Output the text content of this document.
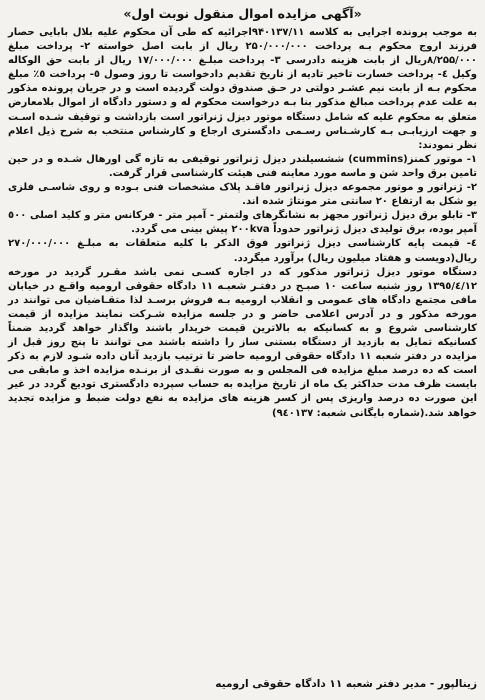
«آگهی مزایده اموال منقول نوبت اول»

به موجب پرونده اجرایی به کلاسه ۹۴۰۱۳۷/۱۱اجرائیه که طی آن محکوم علیه بلال بابایی حصار فرزند اروج محکوم بـه پرداخت ۲۵۰/۰۰۰/۰۰۰ ریال از بابت اصل خواسته ۲- پرداخت مبلغ ۸/۲۵۵/۰۰۰ریال از بابت هزینه دادرسی ۳- پرداخت مبلـغ ۱۷/۰۰۰/۰۰۰ ریال از بابت حق الوکاله وکیل ٤- پرداخت خسارت تاخیر تادیه از تاریخ تقدیم دادخواست تا روز وصول ٥- پرداخت ٥٪ مبلغ محکوم بـه از بابت نیم عشـر دولتی در حـق صندوق دولت گردیده است و در جریان پرونده مذکور به علت عدم پرداخت مبالغ مذکور بنا بـه درخواست محکوم له و دستور دادگاه از اموال بلامعارض متعلق به محکوم علیه که شامل دستگاه موتور دیزل ژنراتور است بازداشت و توقیف شـده اسـت و جهت ارزیابـی بـه کارشـناس رسـمی دادگستری ارجاع و کارشناس منتخب به شرح ذیل اعلام نظر نمودند:

۱- موتور کمنز(cummins) ششسیلندر دیزل ژنراتور توقیفی به تازه گی اورهال شـده و در حین تامین برق واحد شن و ماسه مورد معاینه فنی هیئت کارشناسی قرار گرفت.

۲- ژنراتور و موتور مجموعه دیزل ژنراتور فاقـد پلاک مشخصات فنی بـوده و روی شاسـی فلزی یو شکل به ارتفاع ۲۰ سانتی متر مونتاژ شده اند.

۳- تابلو برق دیزل ژنراتور مجهز به نشانگرهای ولتمتر - آمپر متر - فرکانس متر و کلید اصلی ٥٠٠ آمپر بوده، برق تولیدی دیزل ژنراتور حدوداً ۲۰۰kva پیش بینی می گردد.

٤- قیمت پایه کارشناسی دیزل ژنراتور فوق الذکر با کلیه متعلقات به مبلـغ ۲۷۰/۰۰۰/۰۰۰ ریال(دویست و هفتاد میلیون ریال) برآورد میگردد.

دستگاه موتور دیزل ژنراتور مذکور که در اجاره کسـی نمی باشد مقـرر گردید در مورخه ۱۳۹٥/٤/۱۲ روز شنبه ساعت ۱۰ صبـح در دفتـر شعبـه ۱۱ دادگاه حقوقی ارومیه واقـع در خیابان مافی مجتمع دادگاه های عمومی و انقلاب ارومیه بـه فروش برسـد لذا متقـاضیان می توانند در مورخه مذکور و در آدرس اعلامی حاضر و در جلسه مزایده شـرکت نمایند مزایده از قیمت کارشناسی شروع و به کسانیکه به بالاترین قیمت خریدار باشند واگذار خواهد گردید ضمناً کسانیکه تمایل به بازدید از دستگاه بستنی ساز را داشته باشند می توانند تا پنج روز قبل از مزایده در دفتر شعبه ۱۱ دادگاه حقوقی ارومیه حاضر تا ترتیب بازدید آنان داده شـود لازم به ذکر است که ده درصد مبلغ مزایده فی المجلس و به صورت نقـدی از برنـده مزایده اخذ و مابقی می بایست ظرف مدت حداکثر یک ماه از تاریخ مزایده به حساب سپرده دادگستری تودیع گردد در غیر این صورت ده درصد واریزی پس از کسر هزینه های مزایده به نفع دولت ضبط و مزایده تجدید خواهد شد.(شماره بایگانی شعبه: ۹٤۰۱۳۷)

زینالپور - مدیر دفتر شعبه ۱۱ دادگاه حقوقی ارومیه
